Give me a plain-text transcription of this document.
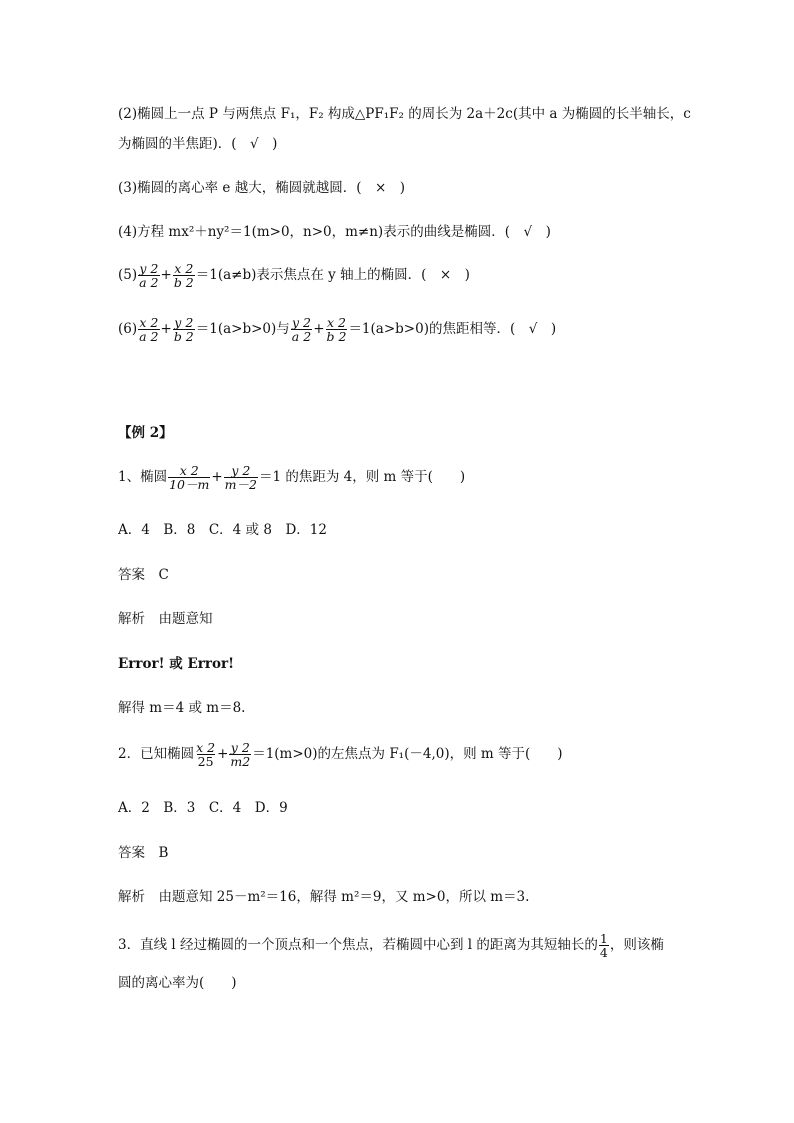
(2)椭圆上一点 P 与两焦点 F₁，F₂ 构成△PF₁F₂ 的周长为 2a＋2c(其中 a 为椭圆的长半轴长，c
为椭圆的半焦距)．(　√　)
(3)椭圆的离心率 e 越大，椭圆就越圆．(　×　)
(4)方程 mx²＋ny²＝1(m>0，n>0，m≠n)表示的曲线是椭圆．(　√　)
$(5) \frac{y 2}{a 2} + \frac{x 2}{b 2} =1(a\ne b)$表示焦点在 y 轴上的椭圆．(　×　)
$(6) \frac{x 2}{a 2} + \frac{y 2}{b 2} =1(a>b>0)$与 $\frac{y 2}{a 2} + \frac{x 2}{b 2} =1(a>b>0)$的焦距相等．(　√　)
【例 2】
1、椭圆 $\frac{x 2}{10-m} + \frac{y 2}{m-2} =1$ 的焦距为 4，则 m 等于(　　)
A．4　B．8　C．4 或 8　D．12
答案　C
解析　由题意知
Error! 或 Error!
解得 m＝4 或 m＝8.
2．已知椭圆 $\frac{x 2}{25} + \frac{y 2}{m2} =1(m>0)$的左焦点为 F₁(－4,0)，则 m 等于(　　)
A．2　B．3　C．4　D．9
答案　B
解析　由题意知 25－m²＝16，解得 m²＝9，又 m>0，所以 m＝3.
3．直线 l 经过椭圆的一个顶点和一个焦点，若椭圆中心到 l 的距离为其短轴长的 $\frac{1}{4}$ ，则该椭
圆的离心率为(　　)
